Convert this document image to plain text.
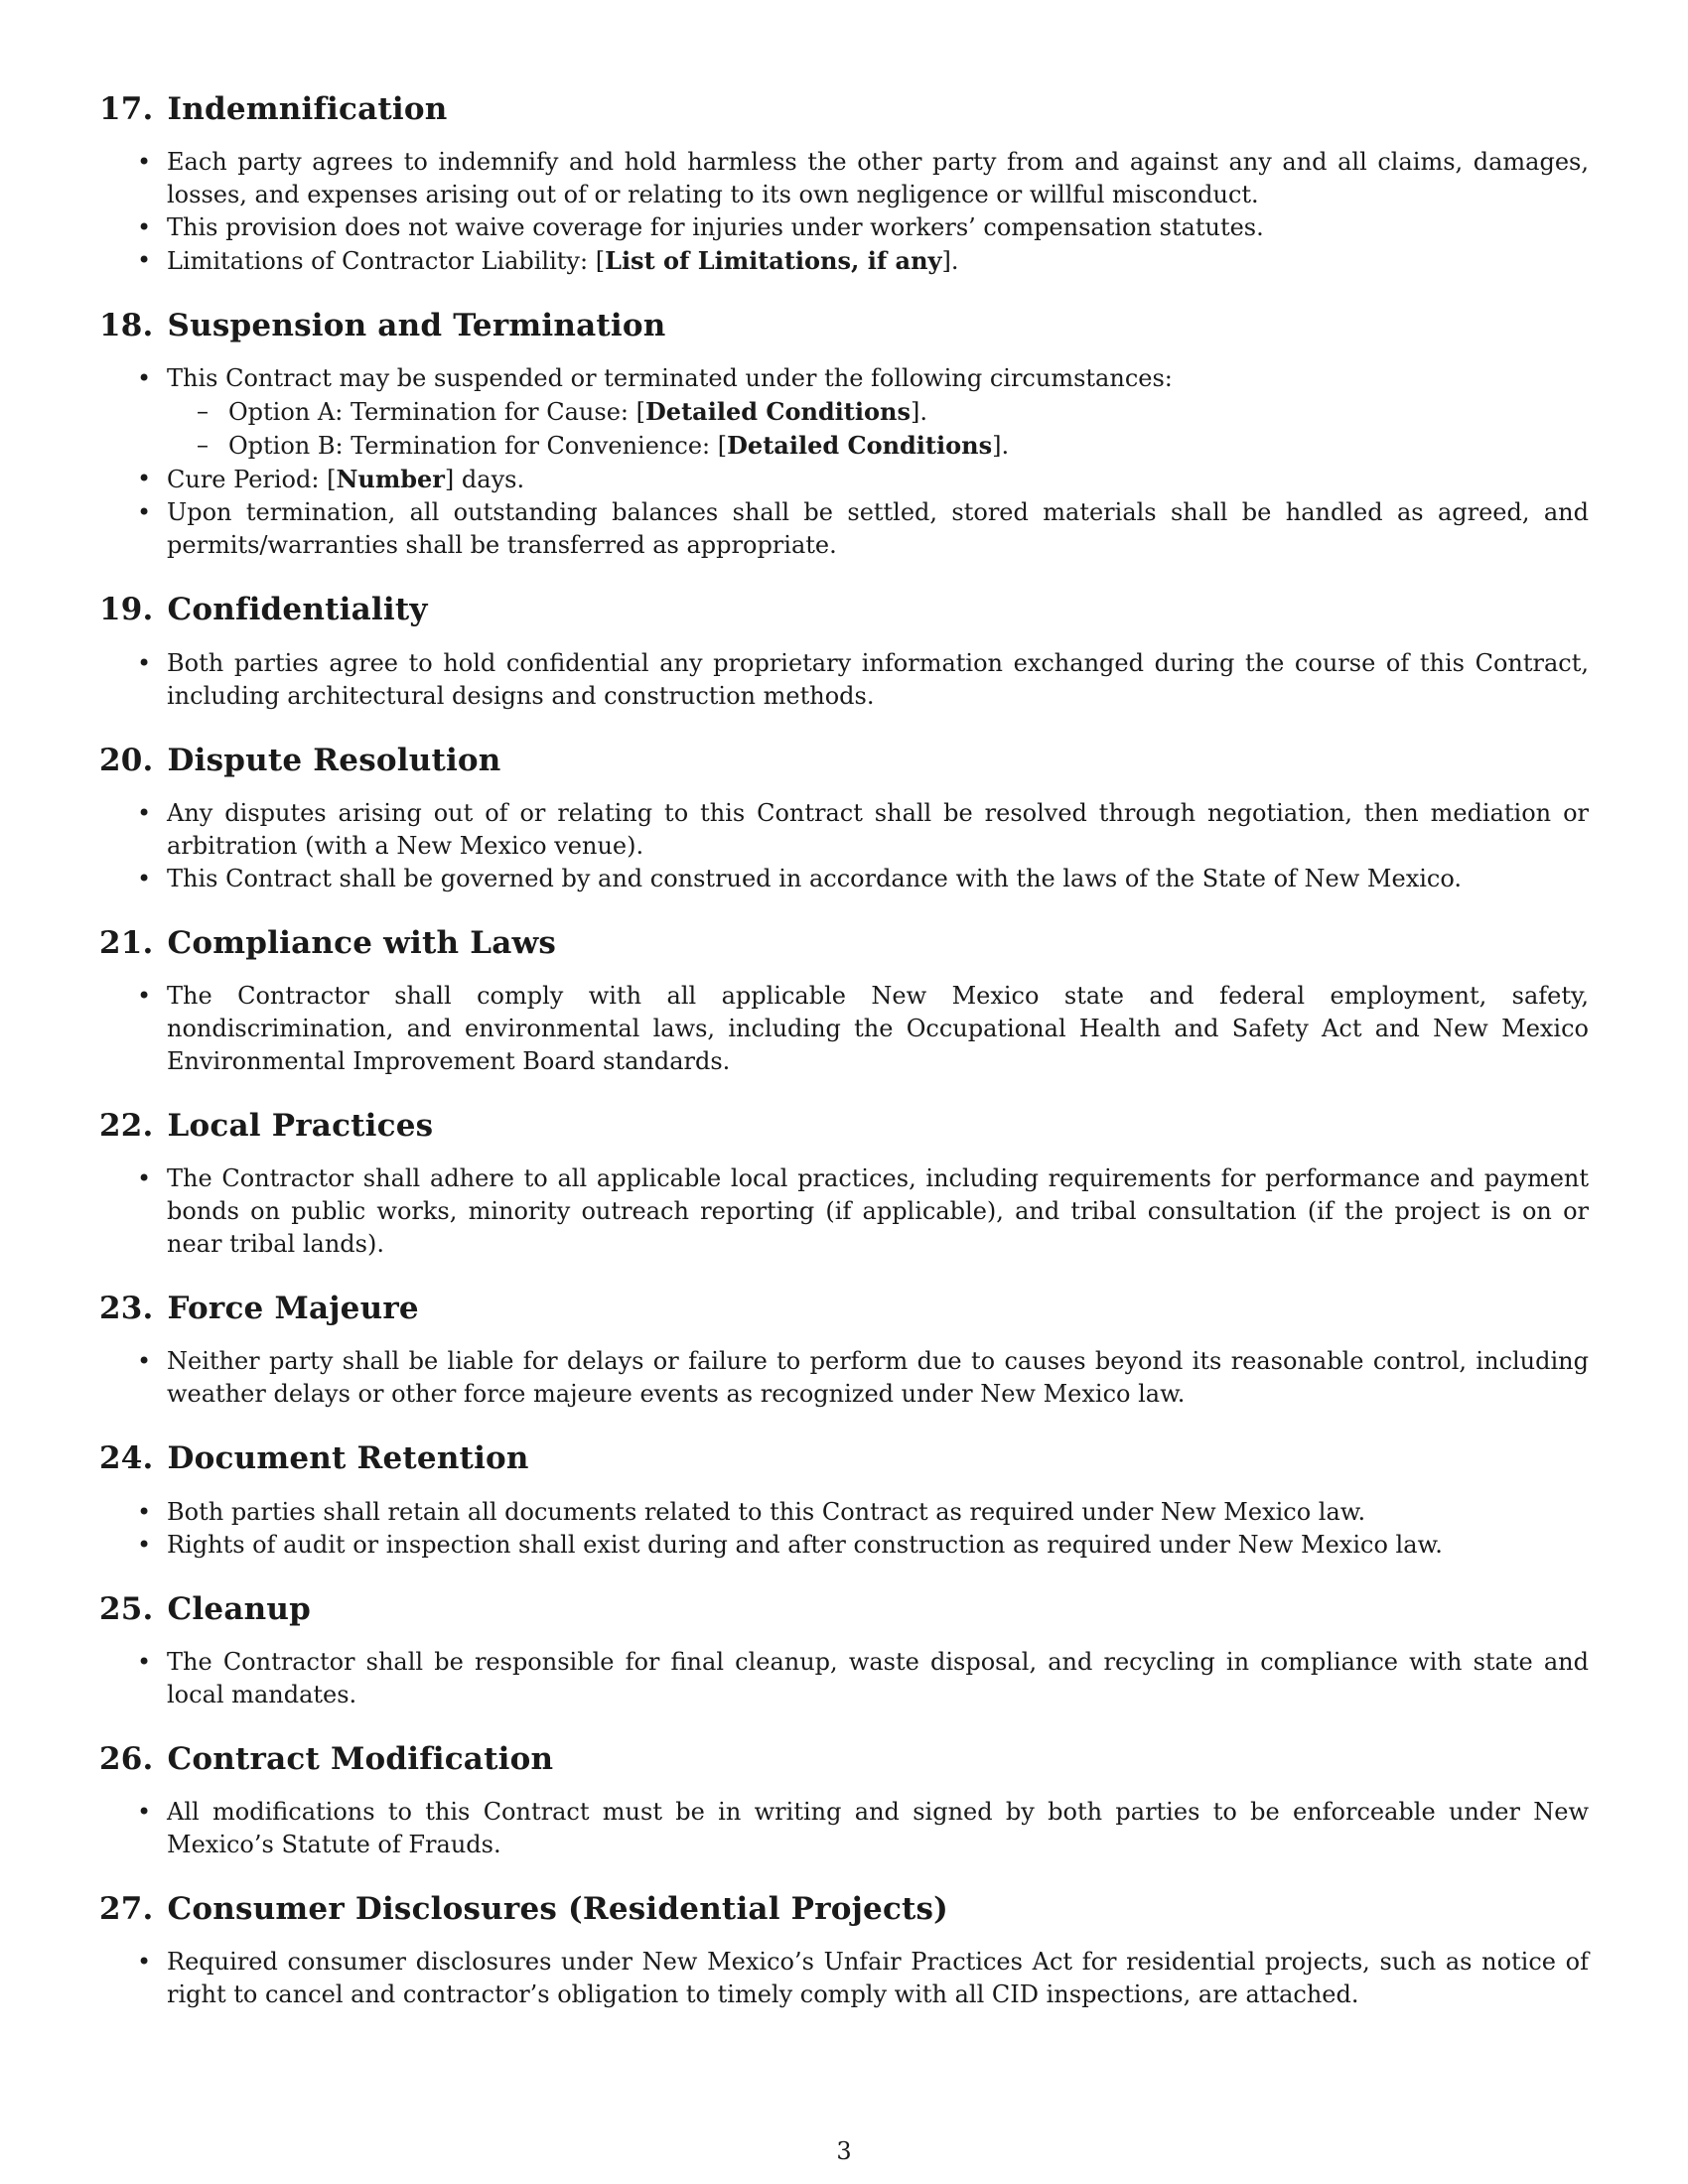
17. Indemnification
• Each party agrees to indemnify and hold harmless the other party from and against any and all claims, damages, losses, and expenses arising out of or relating to its own negligence or willful misconduct.
• This provision does not waive coverage for injuries under workers’ compensation statutes.
• Limitations of Contractor Liability: [List of Limitations, if any].
18. Suspension and Termination
• This Contract may be suspended or terminated under the following circumstances:
– Option A: Termination for Cause: [Detailed Conditions].
– Option B: Termination for Convenience: [Detailed Conditions].
• Cure Period: [Number] days.
• Upon termination, all outstanding balances shall be settled, stored materials shall be handled as agreed, and permits/warranties shall be transferred as appropriate.
19. Confidentiality
• Both parties agree to hold confidential any proprietary information exchanged during the course of this Contract, including architectural designs and construction methods.
20. Dispute Resolution
• Any disputes arising out of or relating to this Contract shall be resolved through negotiation, then mediation or arbitration (with a New Mexico venue).
• This Contract shall be governed by and construed in accordance with the laws of the State of New Mexico.
21. Compliance with Laws
• The Contractor shall comply with all applicable New Mexico state and federal employment, safety, nondiscrimination, and environmental laws, including the Occupational Health and Safety Act and New Mexico Environmental Improvement Board standards.
22. Local Practices
• The Contractor shall adhere to all applicable local practices, including requirements for performance and payment bonds on public works, minority outreach reporting (if applicable), and tribal consultation (if the project is on or near tribal lands).
23. Force Majeure
• Neither party shall be liable for delays or failure to perform due to causes beyond its reasonable control, including weather delays or other force majeure events as recognized under New Mexico law.
24. Document Retention
• Both parties shall retain all documents related to this Contract as required under New Mexico law.
• Rights of audit or inspection shall exist during and after construction as required under New Mexico law.
25. Cleanup
• The Contractor shall be responsible for final cleanup, waste disposal, and recycling in compliance with state and local mandates.
26. Contract Modification
• All modifications to this Contract must be in writing and signed by both parties to be enforceable under New Mexico’s Statute of Frauds.
27. Consumer Disclosures (Residential Projects)
• Required consumer disclosures under New Mexico’s Unfair Practices Act for residential projects, such as notice of right to cancel and contractor’s obligation to timely comply with all CID inspections, are attached.
3
